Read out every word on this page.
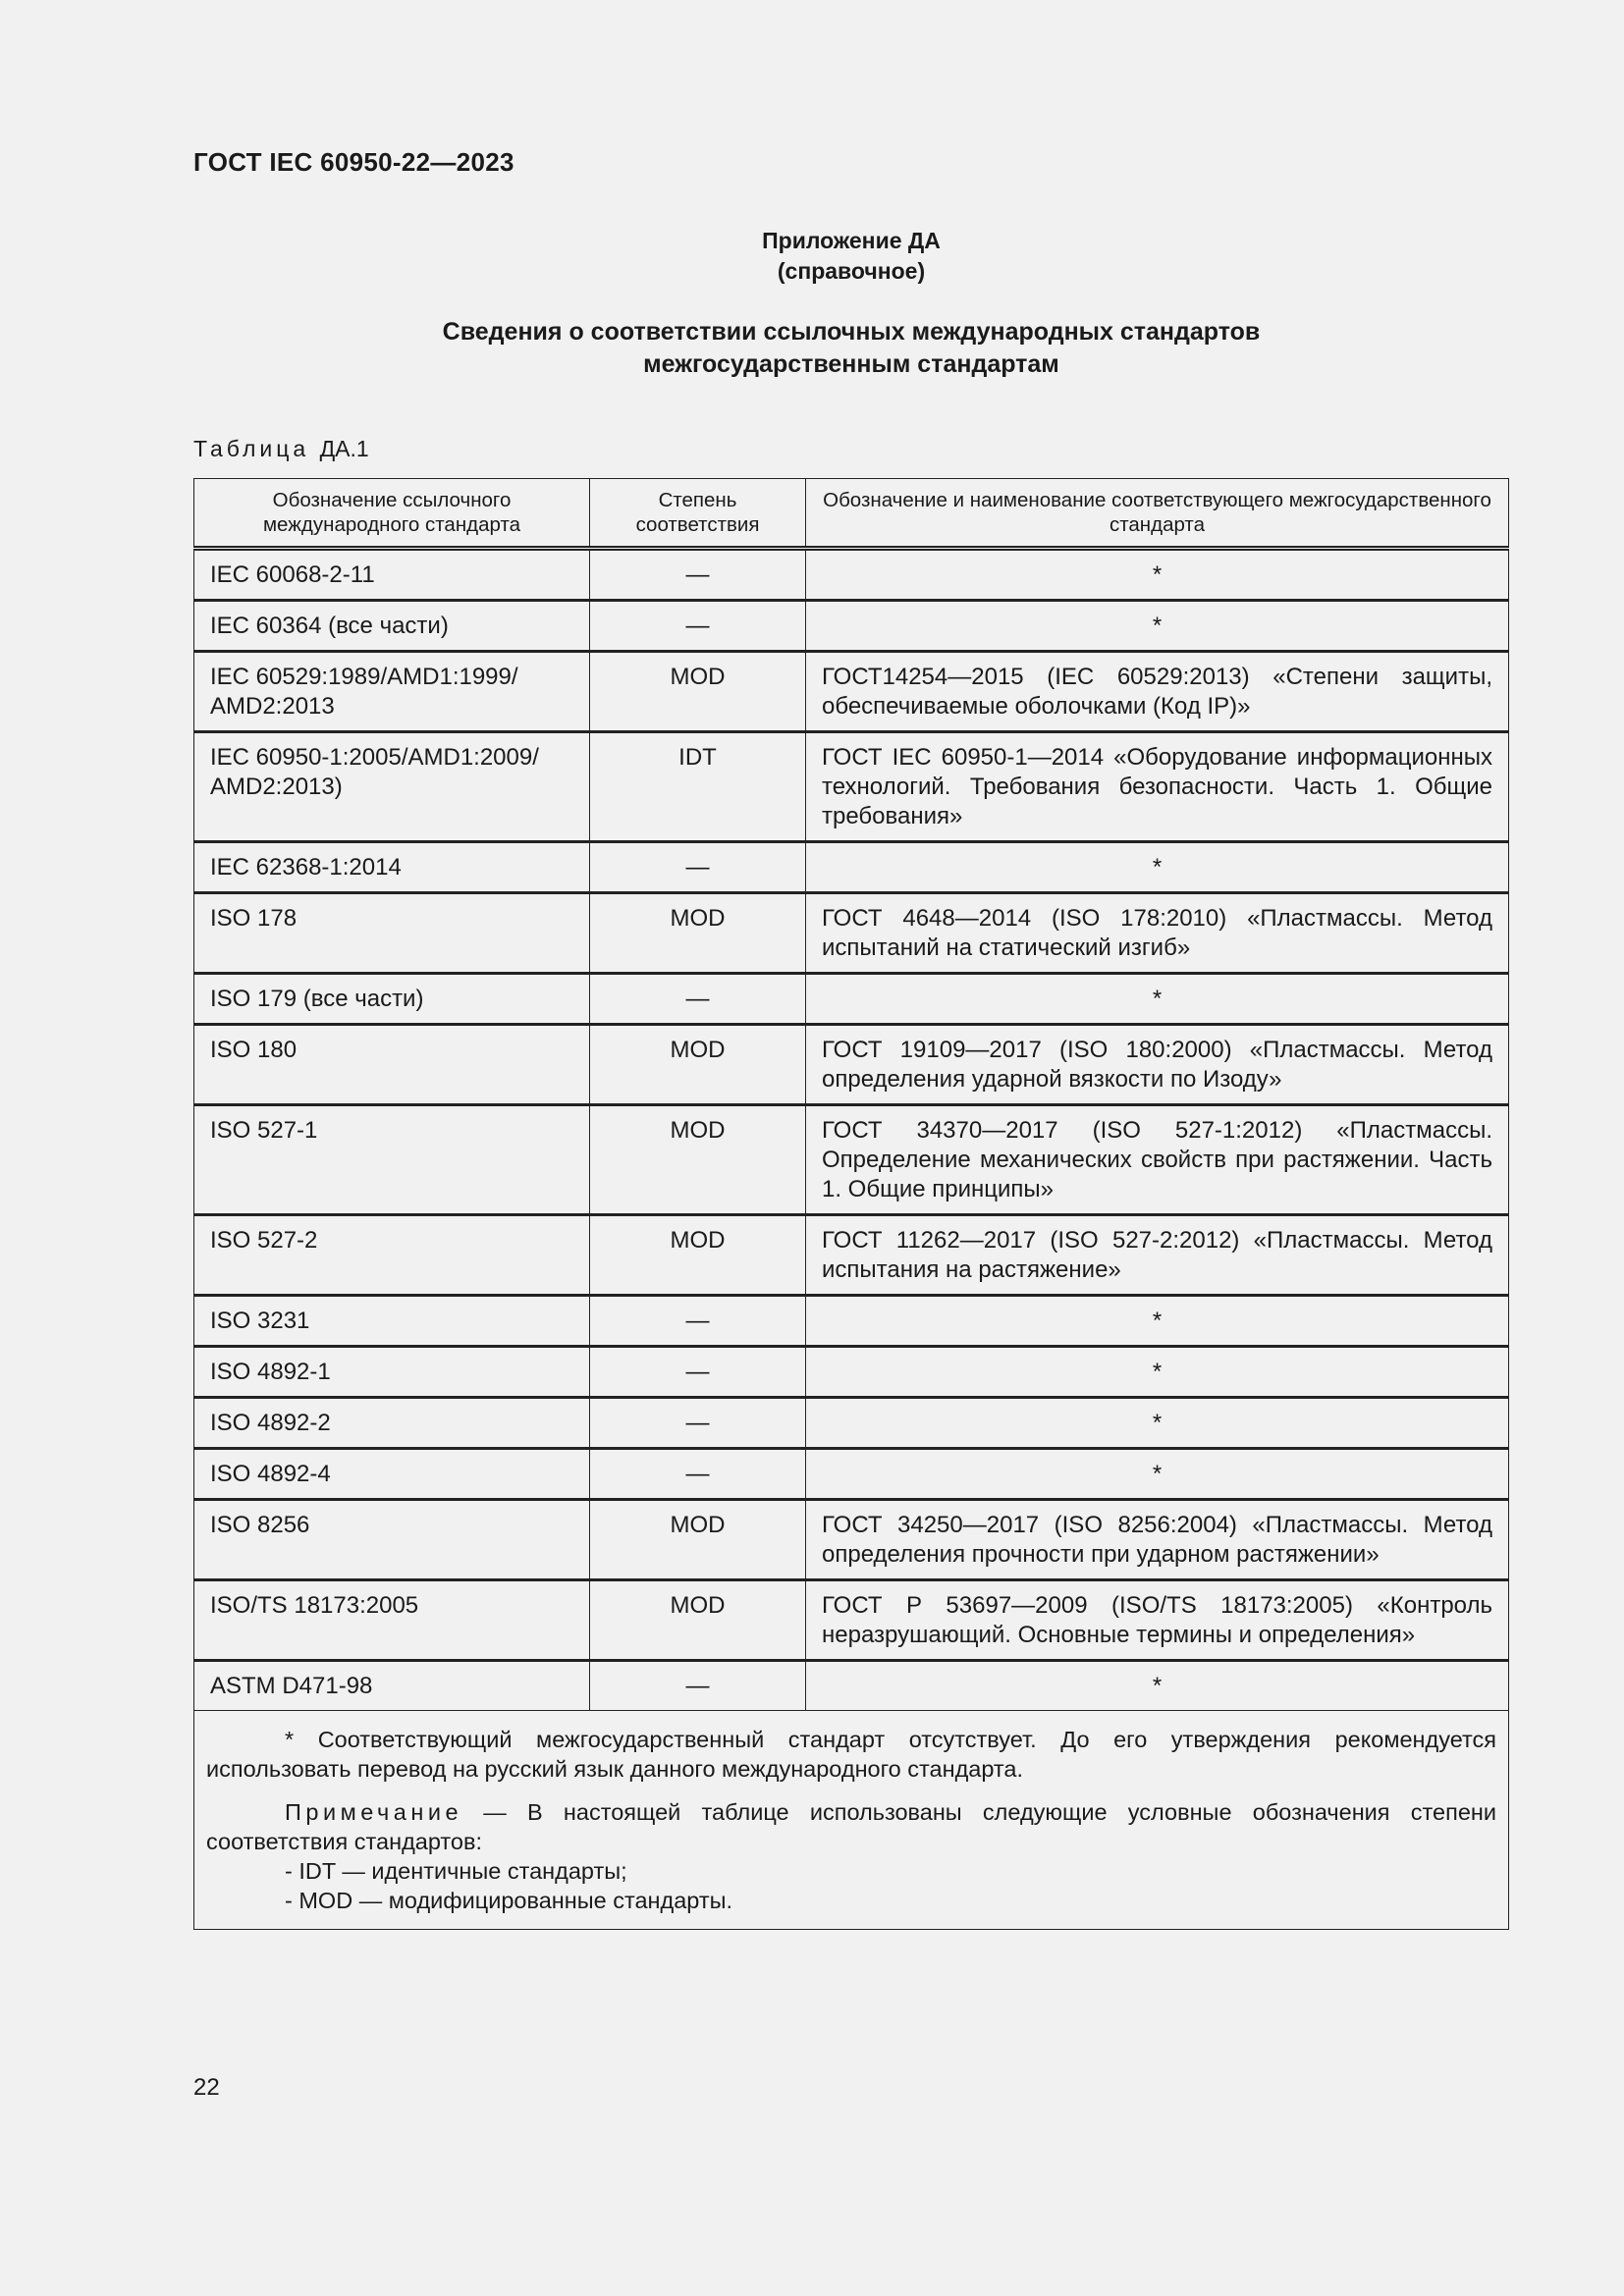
ГОСТ IEC 60950-22—2023
Приложение ДА
(справочное)
Сведения о соответствии ссылочных международных стандартов
межгосударственным стандартам
Таблица ДА.1
Обозначение ссылочного международного стандарта	Степень соответствия	Обозначение и наименование соответствующего межгосударственного стандарта
IEC 60068-2-11	—	*
IEC 60364 (все части)	—	*
IEC 60529:1989/AMD1:1999/ AMD2:2013	MOD	ГОСТ14254—2015 (IEC 60529:2013) «Степени защиты, обеспечиваемые оболочками (Код IP)»
IEC 60950-1:2005/AMD1:2009/ AMD2:2013)	IDT	ГОСТ IEC 60950-1—2014 «Оборудование информационных технологий. Требования безопасности. Часть 1. Общие требования»
IEC 62368-1:2014	—	*
ISO 178	MOD	ГОСТ 4648—2014 (ISO 178:2010) «Пластмассы. Метод испытаний на статический изгиб»
ISO 179 (все части)	—	*
ISO 180	MOD	ГОСТ 19109—2017 (ISO 180:2000) «Пластмассы. Метод определения ударной вязкости по Изоду»
ISO 527-1	MOD	ГОСТ 34370—2017 (ISO 527-1:2012) «Пластмассы. Определение механических свойств при растяжении. Часть 1. Общие принципы»
ISO 527-2	MOD	ГОСТ 11262—2017 (ISO 527-2:2012) «Пластмассы. Метод испытания на растяжение»
ISO 3231	—	*
ISO 4892-1	—	*
ISO 4892-2	—	*
ISO 4892-4	—	*
ISO 8256	MOD	ГОСТ 34250—2017 (ISO 8256:2004) «Пластмассы. Метод определения прочности при ударном растяжении»
ISO/TS 18173:2005	MOD	ГОСТ Р 53697—2009 (ISO/TS 18173:2005) «Контроль неразрушающий. Основные термины и определения»
ASTM D471-98	—	*

* Соответствующий межгосударственный стандарт отсутствует. До его утверждения рекомендуется использовать перевод на русский язык данного международного стандарта.

Примечание — В настоящей таблице использованы следующие условные обозначения степени соответствия стандартов:

- IDT — идентичные стандарты;

- MOD — модифицированные стандарты.		

22
